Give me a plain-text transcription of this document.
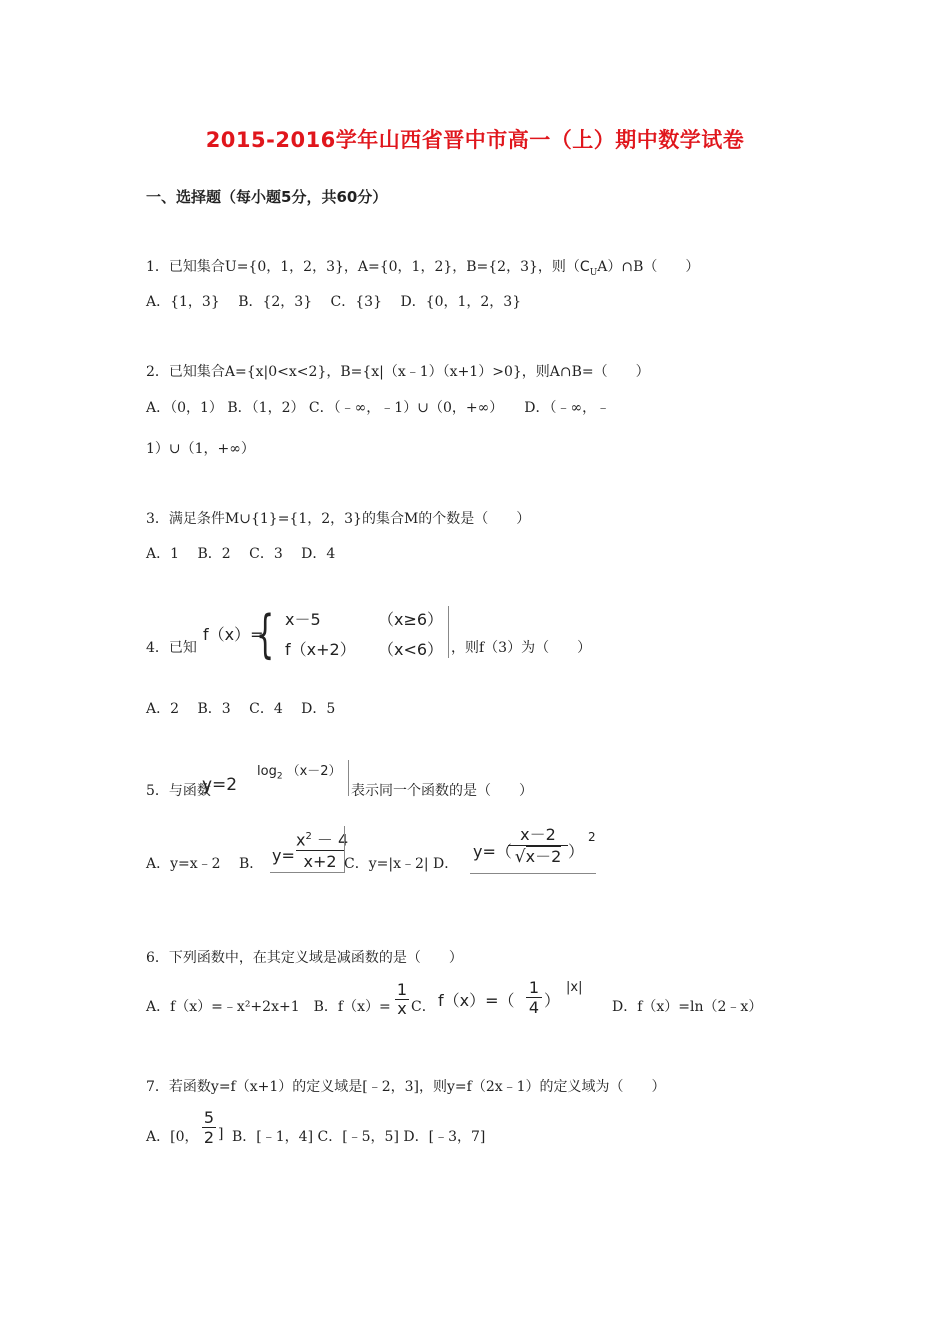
2015-2016学年山西省晋中市高一（上）期中数学试卷
一、选择题（每小题5分，共60分）
1．已知集合U={0，1，2，3}，A={0，1，2}，B={2，3}，则$(C_UA)\cap B$（　　）
A．{1，3}　 B．{2，3}　 C．{3}　 D．{0，1，2，3}
2．已知集合A={x|0<x<2}，B={x|（x﹣1）（x+1）>0}，则A∩B=（　　）
A．（0，1） B．（1，2） C．（﹣∞，﹣1）∪（0，+∞）　　D．（﹣∞，﹣
1）∪（1，+∞）
3．满足条件M∪{1}={1，2，3}的集合M的个数是（　　）
A．1　 B．2　 C．3　 D．4
4．已知
f（x）=
{ x－5	（x≥6）
f（x+2） （x<6） ，则f（3）为（　　）
A．2　 B．3　 C．4　 D．5
5．与函数
y=2
$\log_2 (x-2)$
表示同一个函数的是（　　）
A．y=x﹣2　 B． y=
$x^2 - 4$
x+2 C．y=|x﹣2| D．
y=（
x－2
√x－2 ）
2
6．下列函数中，在其定义域是减函数的是（　　）
A．f（x）=﹣x²+2x+1　B．f（x）=
1
x C． f（x）=（
1
4 ）
|x|
D．f（x）=ln（2﹣x）
7．若函数y=f（x+1）的定义域是[﹣2，3]，则y=f（2x﹣1）的定义域为（　　）
A．[0，
5
2 ] B．[﹣1，4] C．[﹣5，5] D．[﹣3，7]
